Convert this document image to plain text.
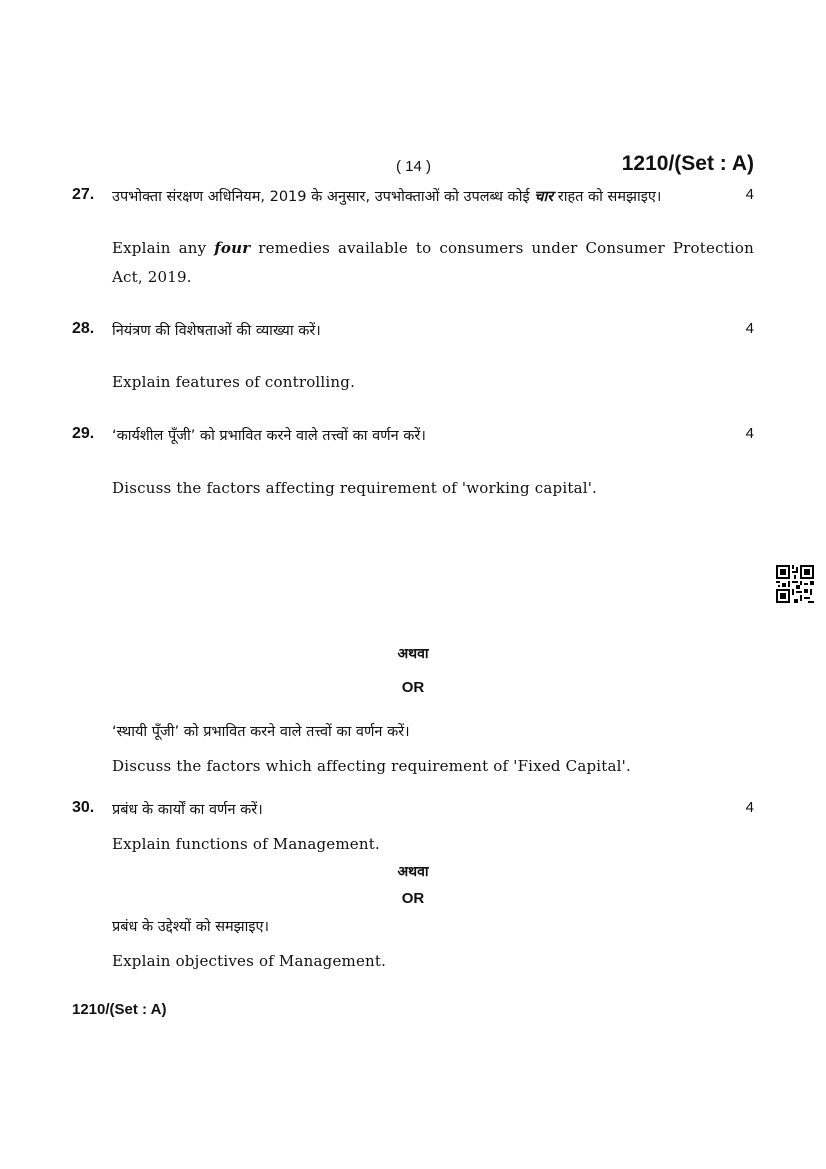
( 14 )	1210/(Set : A)
27.	4
उपभोक्ता संरक्षण अधिनियम, 2019 के अनुसार, उपभोक्ताओं को उपलब्ध कोई चार राहत को समझाइए।
Explain any four remedies available to consumers under Consumer Protection
Act, 2019.
28.	4
नियंत्रण की विशेषताओं की व्याख्या करें।
Explain features of controlling.
29.	4
‘कार्यशील पूँजी’ को प्रभावित करने वाले तत्त्वों का वर्णन करें।
Discuss the factors affecting requirement of 'working capital'.
अथवा
OR
‘स्थायी पूँजी’ को प्रभावित करने वाले तत्त्वों का वर्णन करें।
Discuss the factors which affecting requirement of 'Fixed Capital'.
30.	4
प्रबंध के कार्यों का वर्णन करें।
Explain functions of Management.
अथवा
OR
प्रबंध के उद्देश्यों को समझाइए।
Explain objectives of Management.
1210/(Set : A)
